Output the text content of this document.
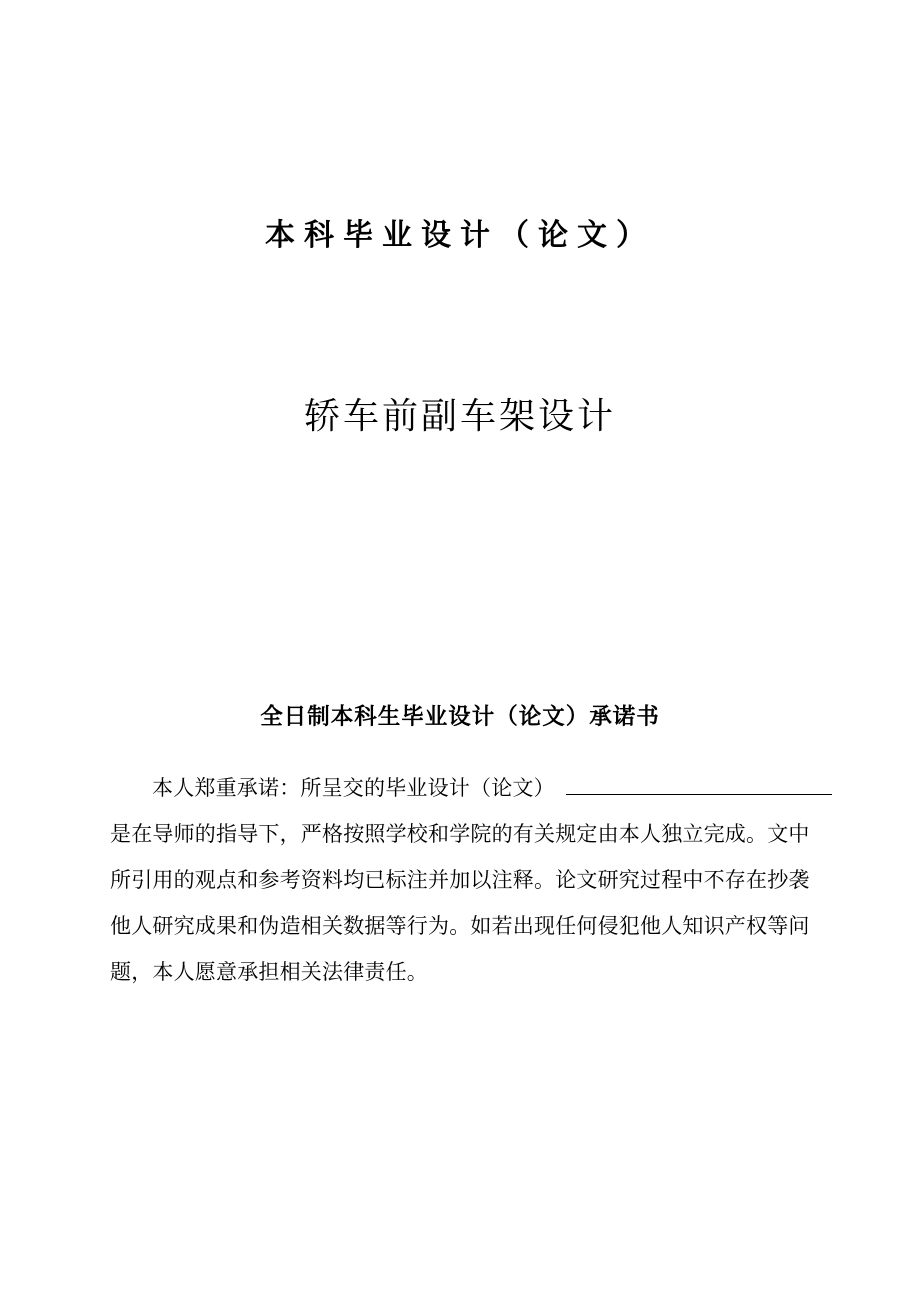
本科毕业设计（论文）
轿车前副车架设计
全日制本科生毕业设计（论文）承诺书
本人郑重承诺：所呈交的毕业设计（论文）
是在导师的指导下，严格按照学校和学院的有关规定由本人独立完成。文中
所引用的观点和参考资料均已标注并加以注释。论文研究过程中不存在抄袭
他人研究成果和伪造相关数据等行为。如若出现任何侵犯他人知识产权等问
题，本人愿意承担相关法律责任。
